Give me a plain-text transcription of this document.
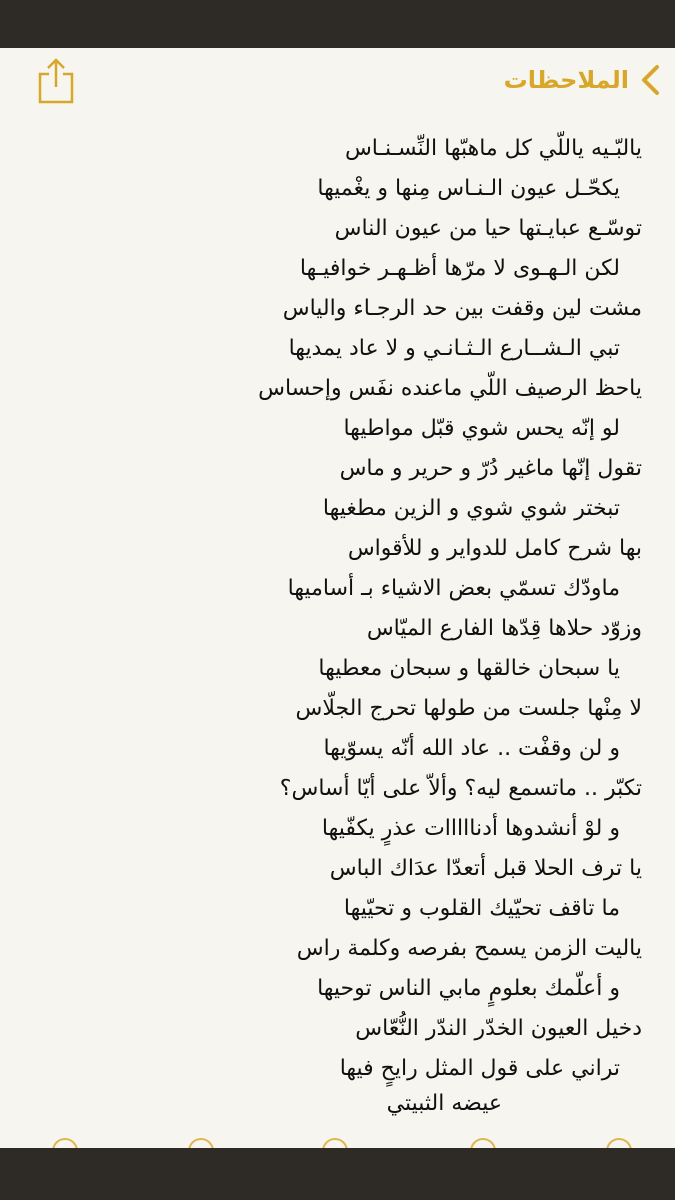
الملاحظات
يالبّـيه ياللّي كل ماهبّها النِّسـنـاس
يكحّـل عيون الـنـاس مِنها و يغْميها
توسّـع عبايـتها حيا من عيون الناس
لكن الـهـوى لا مرّها أظـهـر خوافيـها
مشت لين وقفت بين حد الرجـاء والياس
تبي الـشــارع الـثـانـي و لا عاد يمديها
ياحظ الرصيف اللّي ماعنده نفَس وإحساس
لو إنّه يحس شوي قبّل مواطيها
تقول إنّها ماغير دُرّ و حرير و ماس
تبختر شوي شوي و الزين مطغيها
بها شرح كامل للدواير و للأقواس
ماودّك تسمّي بعض الاشياء بـ أساميها
وزوّد حلاها قِدّها الفارع الميّاس
يا سبحان خالقها و سبحان معطيها
لا مِنْها جلست من طولها تحرج الجلّاس
و لن وقفْت .. عاد الله أنّه يسوّيها
تكبّر .. ماتسمع ليه؟ وألاّ على أيّا أساس؟
و لوْ أنشدوها أدنااااات عذرٍ يكفّيها
يا ترف الحلا قبل أتعدّا عدَاك الباس
ما تاقف تحيّيك القلوب و تحيّيها
ياليت الزمن يسمح بفرصه وكلمة راس
و أعلّمك بعلومٍ مابي الناس توحيها
دخيل العيون الخدّر الندّر النُّعّاس
تراني على قول المثل رايحٍ فيها
عيضه الثبيتي
